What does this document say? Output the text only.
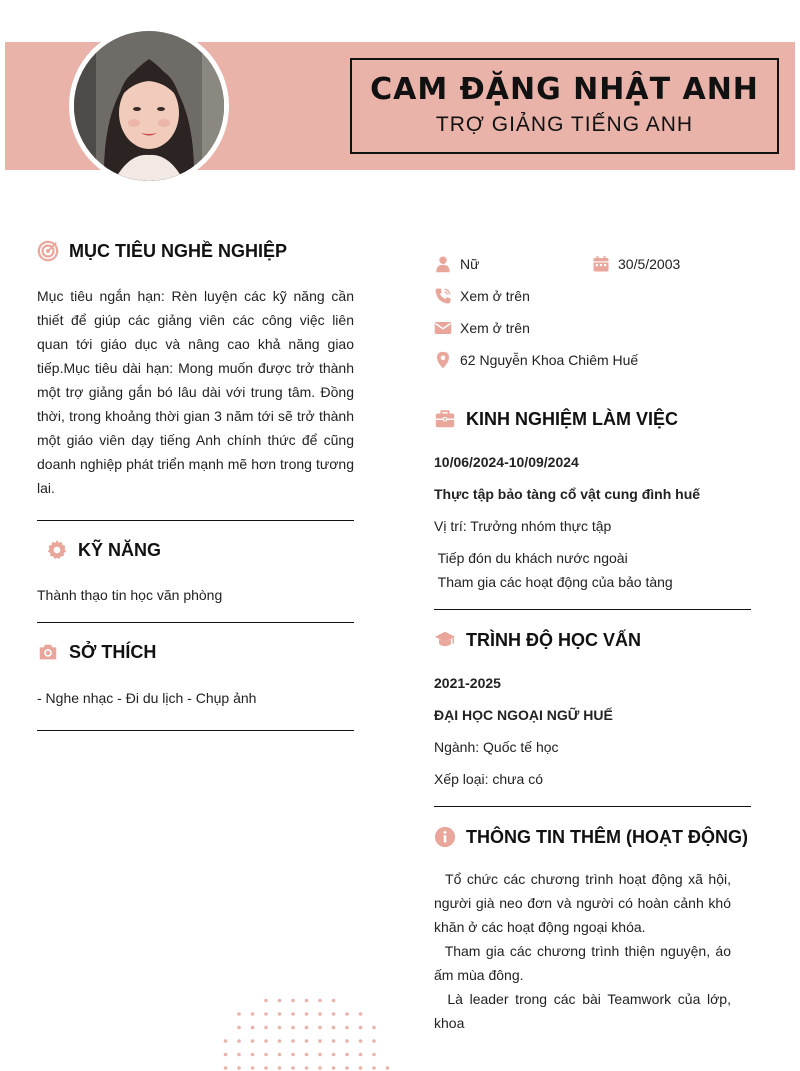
CAM ĐẶNG NHẬT ANH
TRỢ GIẢNG TIẾNG ANH
MỤC TIÊU NGHỀ NGHIỆP

Mục tiêu ngắn hạn: Rèn luyện các kỹ năng cần thiết để giúp các giảng viên các công việc liên quan tới giáo dục và nâng cao khả năng giao tiếp.Mục tiêu dài hạn: Mong muốn được trở thành một trợ giảng gắn bó lâu dài với trung tâm. Đồng thời, trong khoảng thời gian 3 năm tới sẽ trở thành một giáo viên dạy tiếng Anh chính thức để cũng doanh nghiệp phát triển mạnh mẽ hơn trong tương lai.

KỸ NĂNG

Thành thạo tin học văn phòng

SỞ THÍCH

- Nghe nhạc - Đi du lịch - Chụp ảnh

Nữ	30/5/2003
Xem ở trên
Xem ở trên
62 Nguyễn Khoa Chiêm Huế
KINH NGHIỆM LÀM VIỆC

10/06/2024-10/09/2024

Thực tập bảo tàng cổ vật cung đình huế

Vị trí: Trưởng nhóm thực tập

Tiếp đón du khách nước ngoài

Tham gia các hoạt động của bảo tàng

TRÌNH ĐỘ HỌC VẤN

2021-2025

ĐẠI HỌC NGOẠI NGỮ HUẾ

Ngành: Quốc tế học

Xếp loại: chưa có

THÔNG TIN THÊM (HOẠT ĐỘNG)

Tổ chức các chương trình hoạt động xã hội, người già neo đơn và người có hoàn cảnh khó khăn ở các hoạt động ngoại khóa.

Tham gia các chương trình thiện nguyện, áo ấm mùa đông.

Là leader trong các bài Teamwork của lớp, khoa
